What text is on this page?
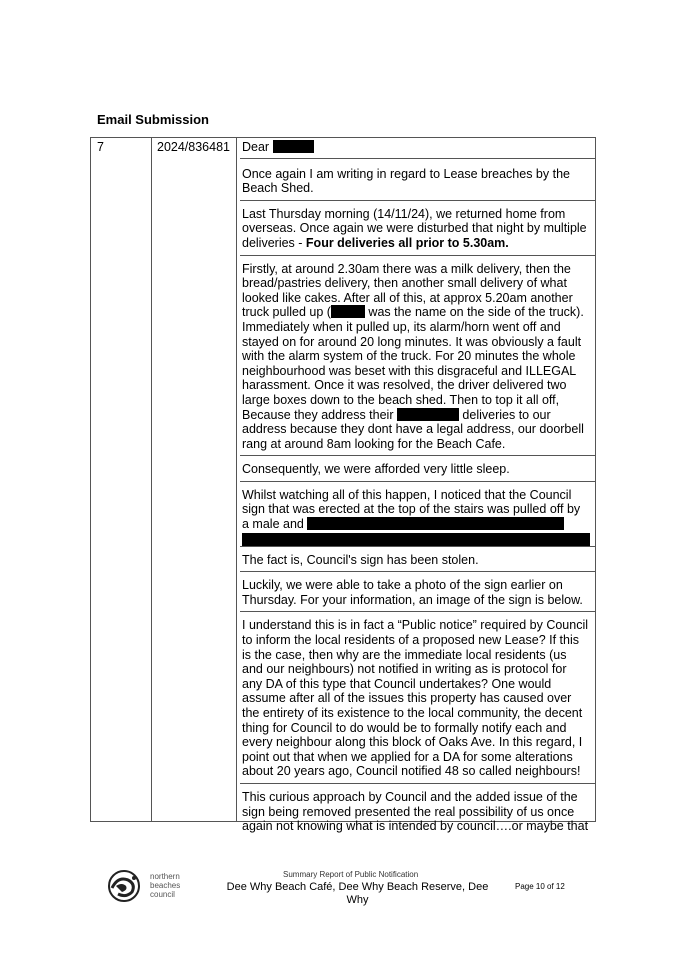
Email Submission
7	2024/836481 Dear
Once again I am writing in regard to Lease breaches by the Beach Shed.
Last Thursday morning (14/11/24), we returned home from overseas. Once again we were disturbed that night by multiple deliveries - Four deliveries all prior to 5.30am.
Firstly, at around 2.30am there was a milk delivery, then the bread/pastries delivery, then another small delivery of what looked like cakes. After all of this, at approx 5.20am another truck pulled up (	was the name on the side of the truck). Immediately when it pulled up, its alarm/horn went off and stayed on for around 20 long minutes. It was obviously a fault with the alarm system of the truck. For 20 minutes the whole neighbourhood was beset with this disgraceful and ILLEGAL harassment. Once it was resolved, the driver delivered two large boxes down to the beach shed. Then to top it all off, Because they address their	deliveries to our address because they dont have a legal address, our doorbell rang at around 8am looking for the Beach Cafe.
Consequently, we were afforded very little sleep.
Whilst watching all of this happen, I noticed that the Council sign that was erected at the top of the stairs was pulled off by a male and
The fact is, Council's sign has been stolen.
Luckily, we were able to take a photo of the sign earlier on Thursday. For your information, an image of the sign is below.
I understand this is in fact a “Public notice” required by Council to inform the local residents of a proposed new Lease? If this is the case, then why are the immediate local residents (us and our neighbours) not notified in writing as is protocol for any DA of this type that Council undertakes? One would assume after all of the issues this property has caused over the entirety of its existence to the local community, the decent thing for Council to do would be to formally notify each and every neighbour along this block of Oaks Ave. In this regard, I point out that when we applied for a DA for some alterations about 20 years ago, Council notified 48 so called neighbours!
This curious approach by Council and the added issue of the sign being removed presented the real possibility of us once again not knowing what is intended by council….or maybe that
northern
beaches
council
Summary Report of Public Notification
Dee Why Beach Café, Dee Why Beach Reserve, Dee Why
Page 10 of 12
